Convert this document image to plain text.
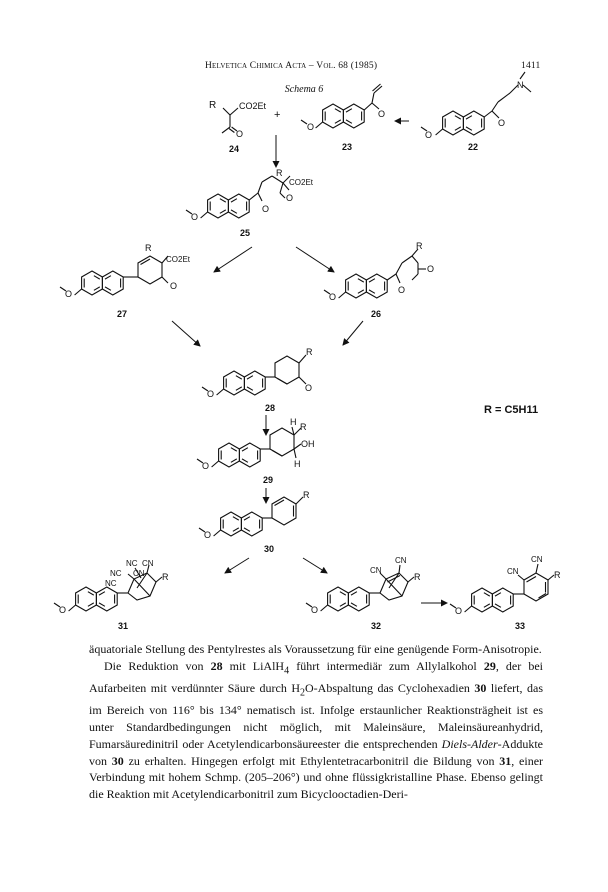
Helvetica Chimica Acta – Vol. 68 (1985)	1411
Schema 6
R	CO2Et
O
24
+
O
O
23
O
O
N
22
O
O
R
CO2Et
O
25
R
CO2Et
O
O
27
R
O
O
O
26
R
O
O
28	R = C5H11
H R
OH
H
O
29
R
O
30
NC CN
NC
NC
CN R
O
31
CN
CN
R
O
32
CN
CN	R
O
33

äquatoriale Stellung des Pentylrestes als Voraussetzung für eine genügende Form-Anisotropie.

Die Reduktion von 28 mit LiAlH$_4$ führt intermediär zum Allylalkohol 29, der bei Aufarbeiten mit verdünnter Säure durch $H_2O$-Abspaltung das Cyclohexadien 30 liefert, das im Bereich von 116° bis 134° nematisch ist. Infolge erstaunlicher Reaktionsträgheit ist es unter Standardbedingungen nicht möglich, mit Maleinsäure, Maleinsäureanhydrid, Fumarsäuredinitril oder Acetylendicarbonsäureester die entsprechenden Diels-Alder-Addukte von 30 zu erhalten. Hingegen erfolgt mit Ethylentetracarbonitril die Bildung von 31, einer Verbindung mit hohem Schmp. (205–206°) und ohne flüssigkristalline Phase. Ebenso gelingt die Reaktion mit Acetylendicarbonitril zum Bicyclooctadien-Deri-
